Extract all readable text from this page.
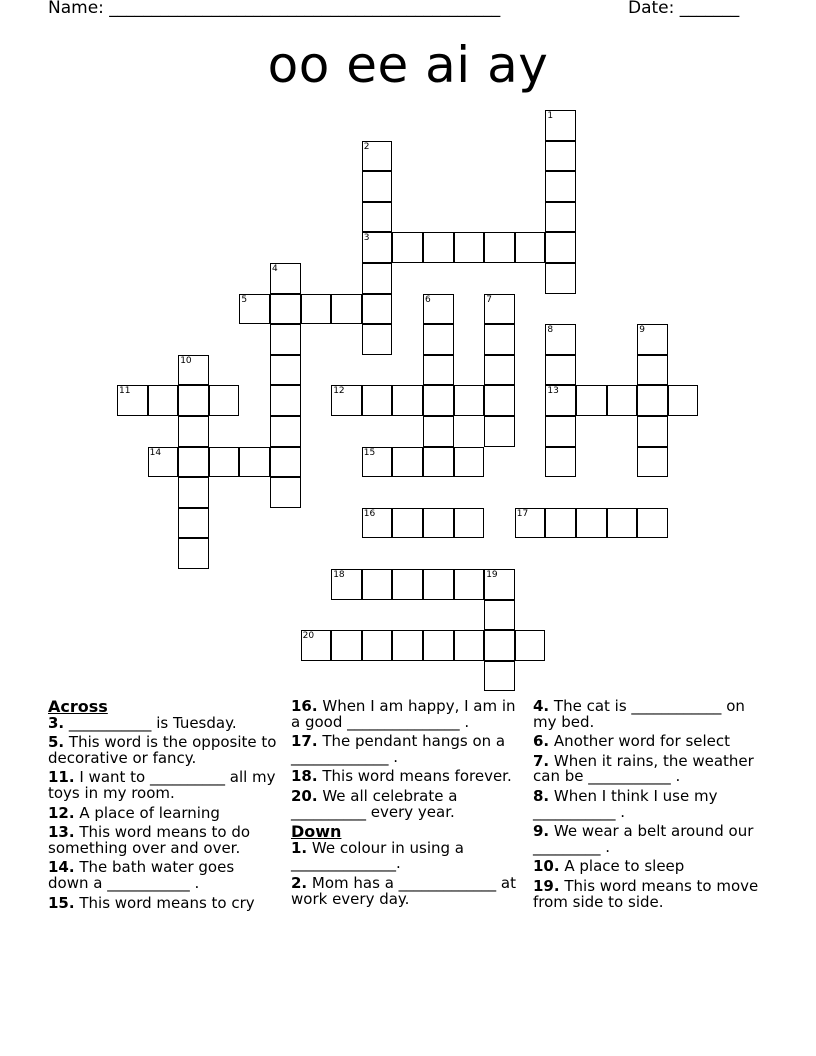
Name: ______________________________________________	Date: _______
oo ee ai ay
1
2
3
4
5	6	7
8	9
10
11	12	13
14	15
16	17
18	19
20
Across
3. ___________ is Tuesday.
5. This word is the opposite to decorative or fancy.
11. I want to __________ all my toys in my room.
12. A place of learning
13. This word means to do something over and over.
14. The bath water goes down a ___________ .
15. This word means to cry
16. When I am happy, I am in a good _______________ .
17. The pendant hangs on a _____________ .
18. This word means forever.
20. We all celebrate a __________ every year.
Down
1. We colour in using a ______________.
2. Mom has a _____________ at work every day.
4. The cat is ____________ on my bed.
6. Another word for select
7. When it rains, the weather can be ___________ .
8. When I think I use my ___________ .
9. We wear a belt around our _________ .
10. A place to sleep
19. This word means to move from side to side.
